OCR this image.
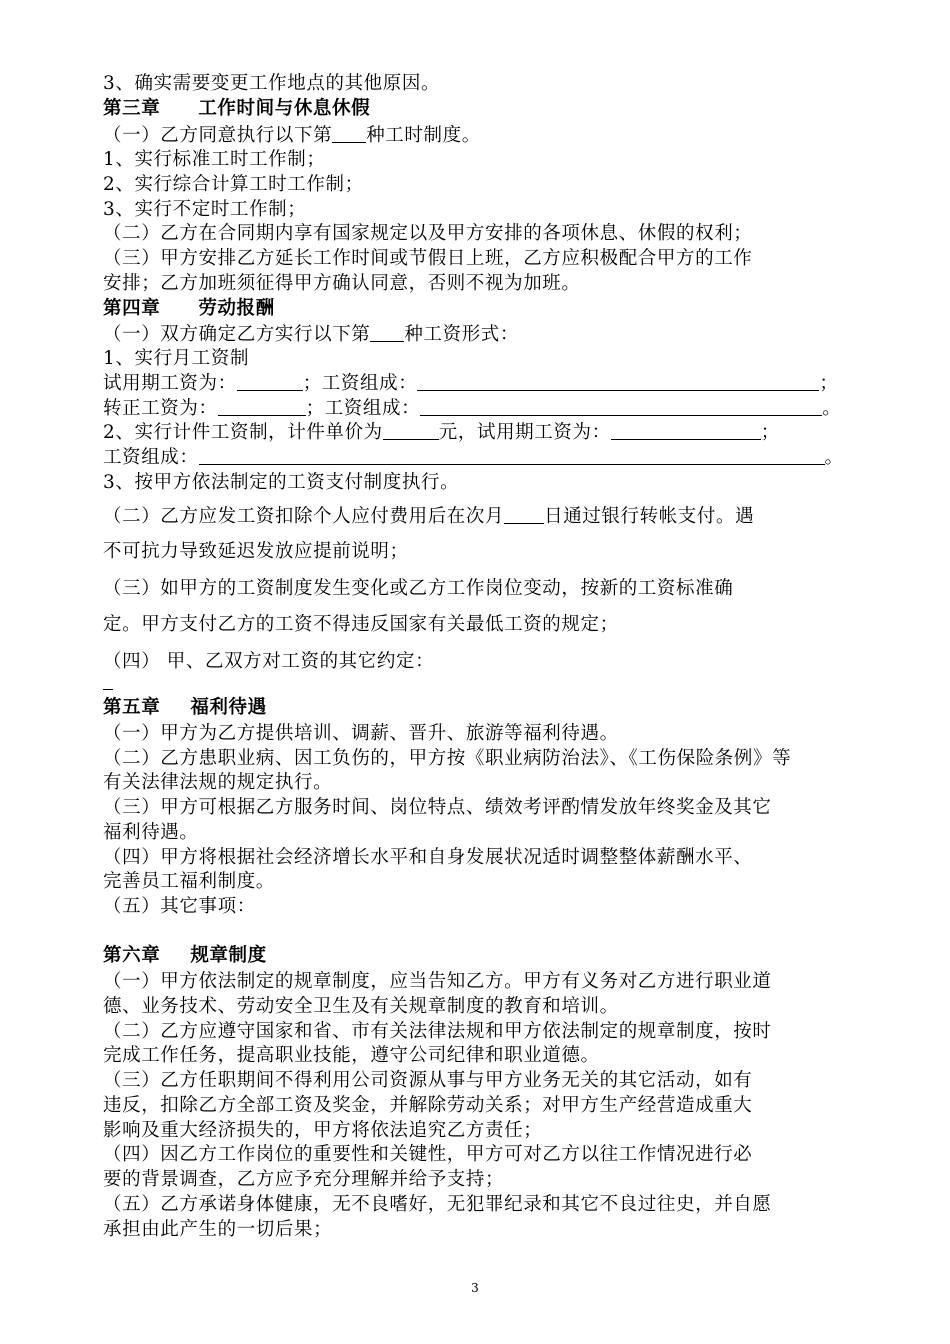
3、确实需要变更工作地点的其他原因。
第三章 工作时间与休息休假
（一）乙方同意执行以下第 种工时制度。
1、实行标准工时工作制；
2、实行综合计算工时工作制；
3、实行不定时工作制；
（二）乙方在合同期内享有国家规定以及甲方安排的各项休息、休假的权利；
（三）甲方安排乙方延长工作时间或节假日上班，乙方应积极配合甲方的工作
安排；乙方加班须征得甲方确认同意，否则不视为加班。
第四章 劳动报酬
（一）双方确定乙方实行以下第 种工资形式：
1、实行月工资制
试用期工资为：	；工资组成：	；
转正工资为：	；工资组成：	。
2、实行计件工资制，计件单价为	元，试用期工资为：	；
工资组成：	。
3、按甲方依法制定的工资支付制度执行。
（二）乙方应发工资扣除个人应付费用后在次月 日通过银行转帐支付。遇
不可抗力导致延迟发放应提前说明；
（三）如甲方的工资制度发生变化或乙方工作岗位变动，按新的工资标准确
定。甲方支付乙方的工资不得违反国家有关最低工资的规定；
（四） 甲、乙双方对工资的其它约定：
第五章 福利待遇
（一）甲方为乙方提供培训、调薪、晋升、旅游等福利待遇。
（二）乙方患职业病、因工负伤的，甲方按《职业病防治法》、《工伤保险条例》等
有关法律法规的规定执行。
（三）甲方可根据乙方服务时间、岗位特点、绩效考评酌情发放年终奖金及其它
福利待遇。
（四）甲方将根据社会经济增长水平和自身发展状况适时调整整体薪酬水平、
完善员工福利制度。
（五）其它事项：
第六章 规章制度
（一）甲方依法制定的规章制度，应当告知乙方。甲方有义务对乙方进行职业道
德、业务技术、劳动安全卫生及有关规章制度的教育和培训。
（二）乙方应遵守国家和省、市有关法律法规和甲方依法制定的规章制度，按时
完成工作任务，提高职业技能，遵守公司纪律和职业道德。
（三）乙方任职期间不得利用公司资源从事与甲方业务无关的其它活动，如有
违反，扣除乙方全部工资及奖金，并解除劳动关系；对甲方生产经营造成重大
影响及重大经济损失的，甲方将依法追究乙方责任；
（四）因乙方工作岗位的重要性和关键性，甲方可对乙方以往工作情况进行必
要的背景调查，乙方应予充分理解并给予支持；
（五）乙方承诺身体健康，无不良嗜好，无犯罪纪录和其它不良过往史，并自愿
承担由此产生的一切后果；
3
